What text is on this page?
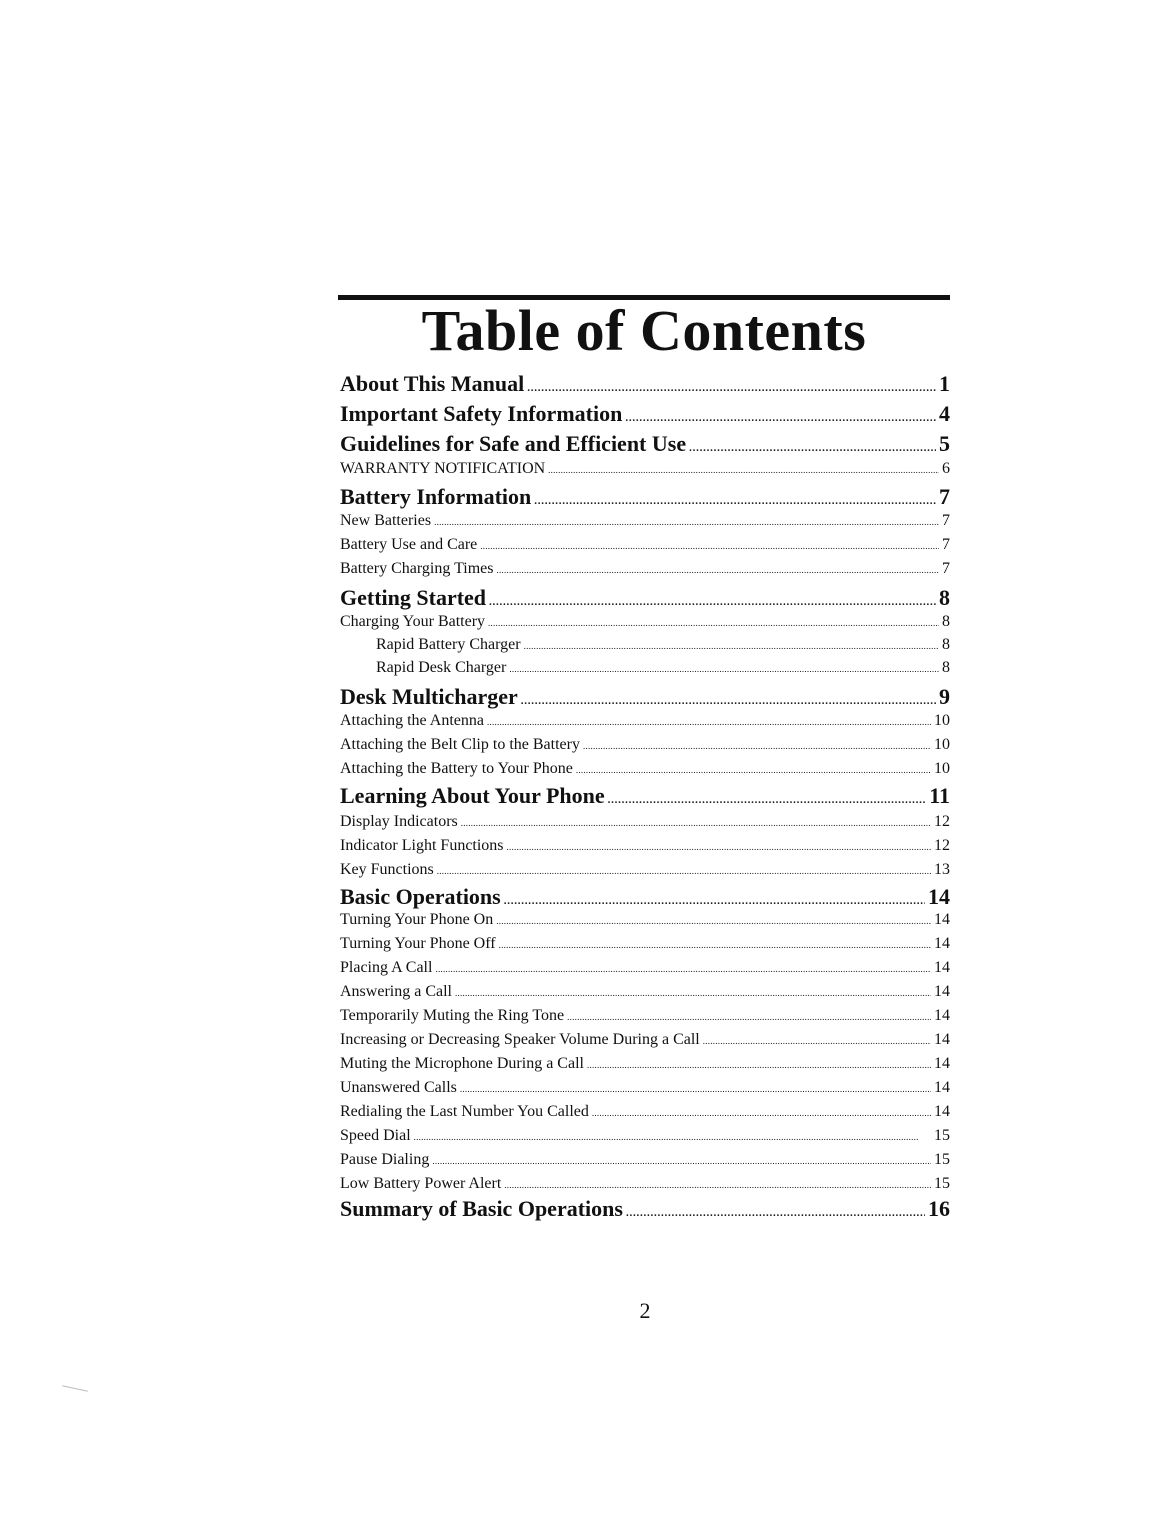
Table of Contents
About This Manual . . .	1
Important Safety Information . . .	4
Guidelines for Safe and Efficient Use . . .	5
WARRANTY NOTIFICATION . . .	6
Battery Information . . .	7
New Batteries . . .	7
Battery Use and Care . . .	7
Battery Charging Times . . .	7
Getting Started . . .	8
Charging Your Battery . . .	8
Rapid Battery Charger . . .	8
Rapid Desk Charger . . .	8
Desk Multicharger . . .	9
Attaching the Antenna . . .	10
Attaching the Belt Clip to the Battery . . .	10
Attaching the Battery to Your Phone . . .	10
Learning About Your Phone . . .	11
Display Indicators . . .	12
Indicator Light Functions . . .	12
Key Functions . . .	13
Basic Operations . . .	14
Turning Your Phone On . . .	14
Turning Your Phone Off . . .	14
Placing A Call . . .	14
Answering a Call . . .	14
Temporarily Muting the Ring Tone . . .	14
Increasing or Decreasing Speaker Volume During a Call . . .	14
Muting the Microphone During a Call . . .	14
Unanswered Calls . . .	14
Redialing the Last Number You Called . . .	14
Speed Dial . . .	15
Pause Dialing . . .	15
Low Battery Power Alert . . .	15
Summary of Basic Operations . . .	16
2
